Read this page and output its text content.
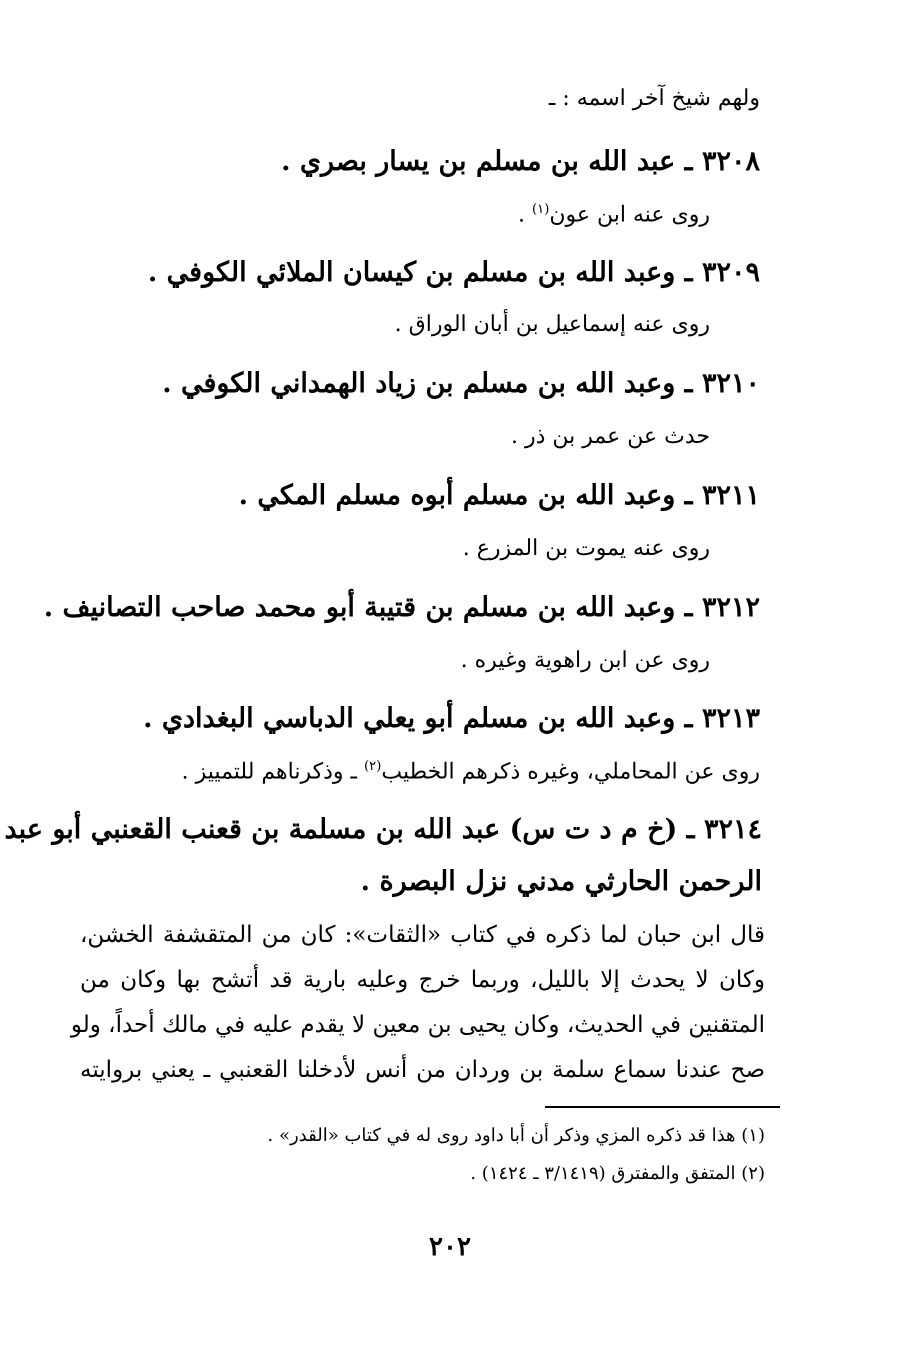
ولهم شيخ آخر اسمه : ـ
٣٢٠٨ ـ عبد الله بن مسلم بن يسار بصري .
روى عنه ابن عون$^{(١)}$ .
٣٢٠٩ ـ وعبد الله بن مسلم بن كيسان الملائي الكوفي .
روى عنه إسماعيل بن أبان الوراق .
٣٢١٠ ـ وعبد الله بن مسلم بن زياد الهمداني الكوفي .
حدث عن عمر بن ذر .
٣٢١١ ـ وعبد الله بن مسلم أبوه مسلم المكي .
روى عنه يموت بن المزرع .
٣٢١٢ ـ وعبد الله بن مسلم بن قتيبة أبو محمد صاحب التصانيف .
روى عن ابن راهوية وغيره .
٣٢١٣ ـ وعبد الله بن مسلم أبو يعلي الدباسي البغدادي .
روى عن المحاملي، وغيره ذكرهم الخطيب$^{(٢)}$ ـ وذكرناهم للتمييز .
٣٢١٤ ـ (خ م د ت س) عبد الله بن مسلمة بن قعنب القعنبي أبو عبد
الرحمن الحارثي مدني نزل البصرة .
قال ابن حبان لما ذكره في كتاب «الثقات»: كان من المتقشفة الخشن،
وكان لا يحدث إلا بالليل، وربما خرج وعليه بارية قد أتشح بها وكان من
المتقنين في الحديث، وكان يحيى بن معين لا يقدم عليه في مالك أحداً، ولو
صح عندنا سماع سلمة بن وردان من أنس لأدخلنا القعنبي ـ يعني بروايته
(١) هذا قد ذكره المزي وذكر أن أبا داود روى له في كتاب «القدر» .
(٢) المتفق والمفترق (٣/١٤١٩ ـ ١٤٢٤) .
٢٠٢
